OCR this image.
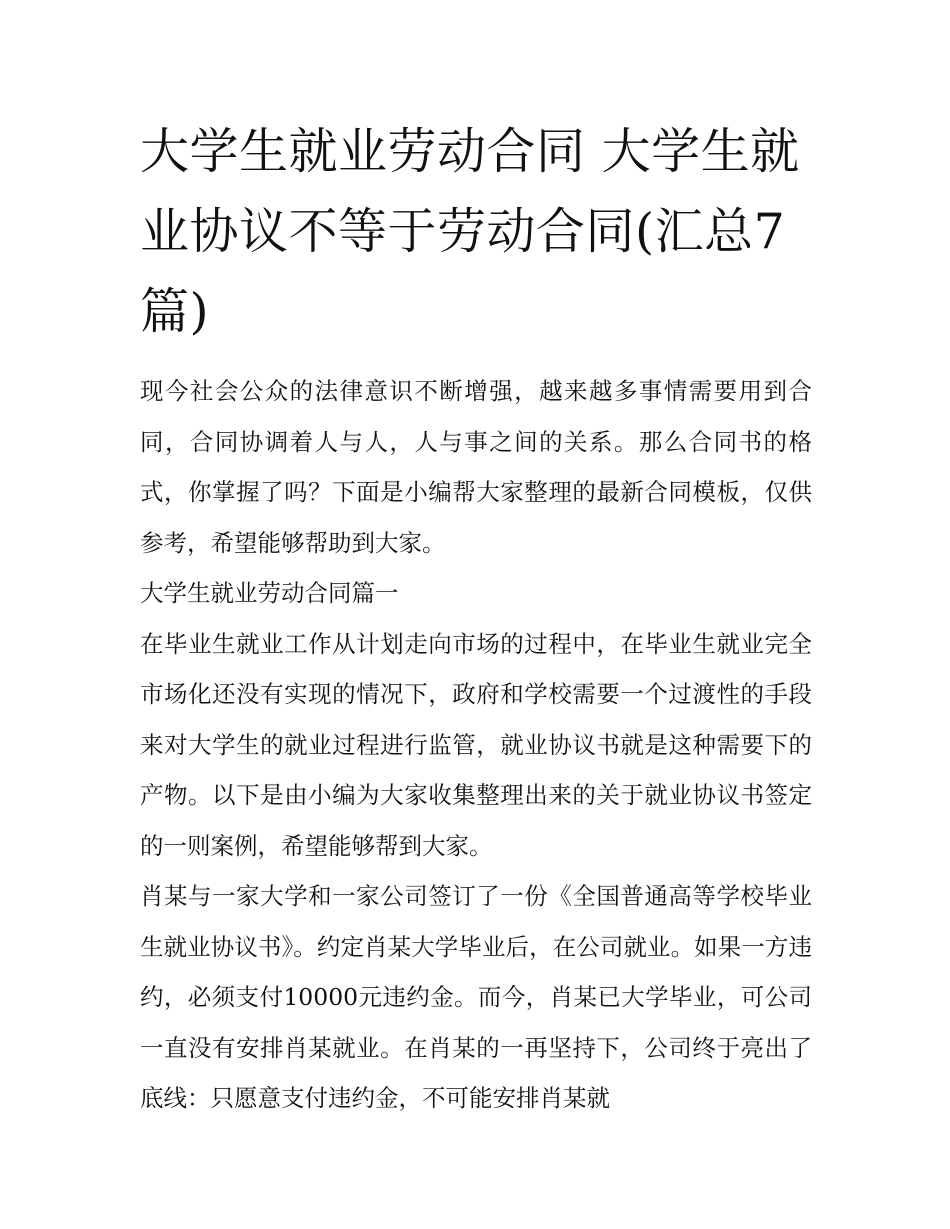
大学生就业劳动合同 大学生就业协议不等于劳动合同(汇总7篇)

现今社会公众的法律意识不断增强，越来越多事情需要用到合同，合同协调着人与人，人与事之间的关系。那么合同书的格式，你掌握了吗？下面是小编帮大家整理的最新合同模板，仅供参考，希望能够帮助到大家。

大学生就业劳动合同篇一

在毕业生就业工作从计划走向市场的过程中，在毕业生就业完全市场化还没有实现的情况下，政府和学校需要一个过渡性的手段来对大学生的就业过程进行监管，就业协议书就是这种需要下的产物。以下是由小编为大家收集整理出来的关于就业协议书签定的一则案例，希望能够帮到大家。

肖某与一家大学和一家公司签订了一份《全国普通高等学校毕业生就业协议书》。约定肖某大学毕业后，在公司就业。如果一方违约，必须支付10000元违约金。而今，肖某已大学毕业，可公司一直没有安排肖某就业。在肖某的一再坚持下，公司终于亮出了底线：只愿意支付违约金，不可能安排肖某就
